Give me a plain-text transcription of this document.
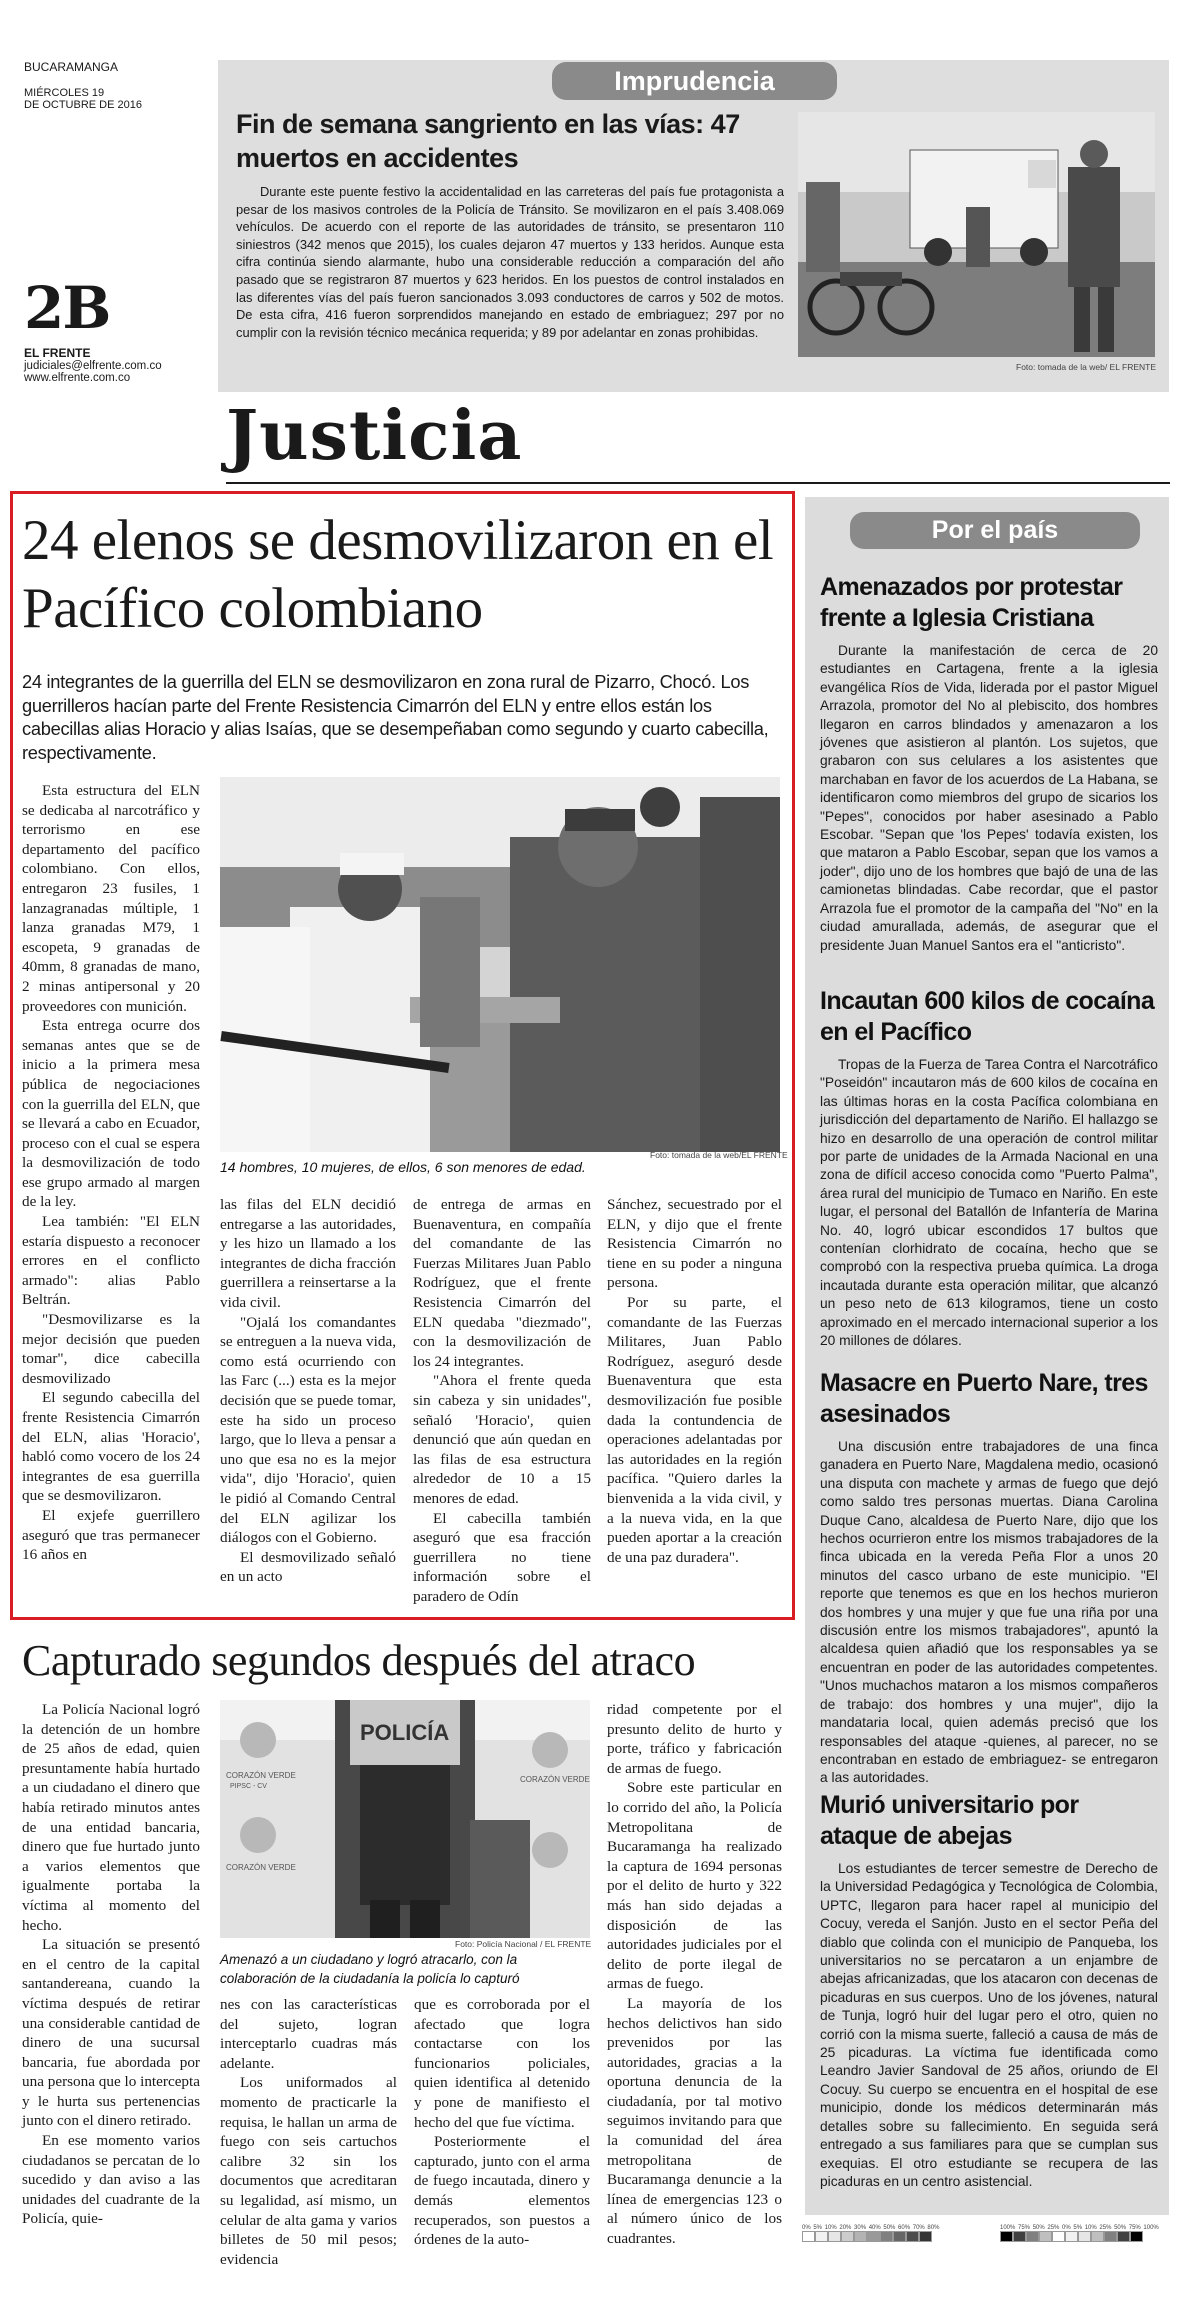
BUCARAMANGA
MIÉRCOLES 19
DE OCTUBRE DE 2016
2B
EL FRENTE
judiciales@elfrente.com.co
www.elfrente.com.co
Imprudencia
Fin de semana sangriento en las vías: 47 muertos en accidentes
Durante este puente festivo la accidentalidad en las carreteras del país fue protagonista a pesar de los masivos controles de la Policía de Tránsito. Se movilizaron en el país 3.408.069 vehículos. De acuerdo con el reporte de las autoridades de tránsito, se presentaron 110 siniestros (342 menos que 2015), los cuales dejaron 47 muertos y 133 heridos. Aunque esta cifra continúa siendo alarmante, hubo una considerable reducción a comparación del año pasado que se registraron 87 muertos y 623 heridos. En los puestos de control instalados en las diferentes vías del país fueron sancionados 3.093 conductores de carros y 502 de motos. De esta cifra, 416 fueron sorprendidos manejando en estado de embriaguez; 297 por no cumplir con la revisión técnico mecánica requerida; y 89 por adelantar en zonas prohibidas.
Foto: tomada de la web/ EL FRENTE
Justicia
24 elenos se desmovilizaron en el Pacífico colombiano
24 integrantes de la guerrilla del ELN se desmovilizaron en zona rural de Pizarro, Chocó. Los guerrilleros hacían parte del Frente Resistencia Cimarrón del ELN y entre ellos están los cabecillas alias Horacio y alias Isaías, que se desempeñaban como segundo y cuarto cabecilla, respectivamente.

Esta estructura del ELN se dedicaba al narcotráfico y terrorismo en ese departamento del pacífico colombiano. Con ellos, entregaron 23 fusiles, 1 lanzagranadas múltiple, 1 lanza granadas M79, 1 escopeta, 9 granadas de 40mm, 8 granadas de mano, 2 minas antipersonal y 20 proveedores con munición.

Esta entrega ocurre dos semanas antes que se de inicio a la primera mesa pública de negociaciones con la guerrilla del ELN, que se llevará a cabo en Ecuador, proceso con el cual se espera la desmovilización de todo ese grupo armado al margen de la ley.

Lea también: "El ELN estaría dispuesto a reconocer errores en el conflicto armado": alias Pablo Beltrán.

"Desmovilizarse es la mejor decisión que pueden tomar", dice cabecilla desmovilizado

El segundo cabecilla del frente Resistencia Cimarrón del ELN, alias 'Horacio', habló como vocero de los 24 integrantes de esa guerrilla que se desmovilizaron.

El exjefe guerrillero aseguró que tras permanecer 16 años en

Foto: tomada de la web/EL FRENTE
14 hombres, 10 mujeres, de ellos, 6 son menores de edad.

las filas del ELN decidió entregarse a las autoridades, y les hizo un llamado a los integrantes de dicha fracción guerrillera a reinsertarse a la vida civil.

"Ojalá los comandantes se entreguen a la nueva vida, como está ocurriendo con las Farc (...) esta es la mejor decisión que se puede tomar, este ha sido un proceso largo, que lo lleva a pensar a uno que esa no es la mejor vida", dijo 'Horacio', quien le pidió al Comando Central del ELN agilizar los diálogos con el Gobierno.

El desmovilizado señaló en un acto

de entrega de armas en Buenaventura, en compañía del comandante de las Fuerzas Militares Juan Pablo Rodríguez, que el frente Resistencia Cimarrón del ELN quedaba "diezmado", con la desmovilización de los 24 integrantes.

"Ahora el frente queda sin cabeza y sin unidades", señaló 'Horacio', quien denunció que aún quedan en las filas de esa estructura alrededor de 10 a 15 menores de edad.

El cabecilla también aseguró que esa fracción guerrillera no tiene información sobre el paradero de Odín

Sánchez, secuestrado por el ELN, y dijo que el frente Resistencia Cimarrón no tiene en su poder a ninguna persona.

Por su parte, el comandante de las Fuerzas Militares, Juan Pablo Rodríguez, aseguró desde Buenaventura que esta desmovilización fue posible dada la contundencia de operaciones adelantadas por las autoridades en la región pacífica. "Quiero darles la bienvenida a la vida civil, y a la nueva vida, en la que pueden aportar a la creación de una paz duradera".

Capturado segundos después del atraco

La Policía Nacional logró la detención de un hombre de 25 años de edad, quien presuntamente había hurtado a un ciudadano el dinero que había retirado minutos antes de una entidad bancaria, dinero que fue hurtado junto a varios elementos que igualmente portaba la víctima al momento del hecho.

La situación se presentó en el centro de la capital santandereana, cuando la víctima después de retirar una considerable cantidad de dinero de una sucursal bancaria, fue abordada por una persona que lo intercepta y le hurta sus pertenencias junto con el dinero retirado.

En ese momento varios ciudadanos se percatan de lo sucedido y dan aviso a las unidades del cuadrante de la Policía, quie-

CORAZÓN VERDE
PIPSC - CV
CORAZÓN VERDE
CORAZÓN VERDE
POLICÍA
Foto: Policía Nacional / EL FRENTE
Amenazó a un ciudadano y logró atracarlo, con la colaboración de la ciudadanía la policía lo capturó

nes con las características del sujeto, logran interceptarlo cuadras más adelante.

Los uniformados al momento de practicarle la requisa, le hallan un arma de fuego con seis cartuchos calibre 32 sin los documentos que acreditaran su legalidad, así mismo, un celular de alta gama y varios billetes de 50 mil pesos; evidencia

que es corroborada por el afectado que logra contactarse con los funcionarios policiales, quien identifica al detenido y pone de manifiesto el hecho del que fue víctima.

Posteriormente el capturado, junto con el arma de fuego incautada, dinero y demás elementos recuperados, son puestos a órdenes de la auto-

ridad competente por el presunto delito de hurto y porte, tráfico y fabricación de armas de fuego.

Sobre este particular en lo corrido del año, la Policía Metropolitana de Bucaramanga ha realizado la captura de 1694 personas por el delito de hurto y 322 más han sido dejadas a disposición de las autoridades judiciales por el delito de porte ilegal de armas de fuego.

La mayoría de los hechos delictivos han sido prevenidos por las autoridades, gracias a la oportuna denuncia de la ciudadanía, por tal motivo seguimos invitando para que la comunidad del área metropolitana de Bucaramanga denuncie a la línea de emergencias 123 o al número único de los cuadrantes.

Por el país
Amenazados por protestar frente a Iglesia Cristiana

Durante la manifestación de cerca de 20 estudiantes en Cartagena, frente a la iglesia evangélica Ríos de Vida, liderada por el pastor Miguel Arrazola, promotor del No al plebiscito, dos hombres llegaron en carros blindados y amenazaron a los jóvenes que asistieron al plantón. Los sujetos, que grabaron con sus celulares a los asistentes que marchaban en favor de los acuerdos de La Habana, se identificaron como miembros del grupo de sicarios los "Pepes", conocidos por haber asesinado a Pablo Escobar. "Sepan que 'los Pepes' todavía existen, los que mataron a Pablo Escobar, sepan que los vamos a joder", dijo uno de los hombres que bajó de una de las camionetas blindadas. Cabe recordar, que el pastor Arrazola fue el promotor de la campaña del "No" en la ciudad amurallada, además, de asegurar que el presidente Juan Manuel Santos era el "anticristo".

Incautan 600 kilos de cocaína en el Pacífico

Tropas de la Fuerza de Tarea Contra el Narcotráfico "Poseidón" incautaron más de 600 kilos de cocaína en las últimas horas en la costa Pacífica colombiana en jurisdicción del departamento de Nariño. El hallazgo se hizo en desarrollo de una operación de control militar por parte de unidades de la Armada Nacional en una zona de difícil acceso conocida como "Puerto Palma", área rural del municipio de Tumaco en Nariño. En este lugar, el personal del Batallón de Infantería de Marina No. 40, logró ubicar escondidos 17 bultos que contenían clorhidrato de cocaína, hecho que se comprobó con la respectiva prueba química. La droga incautada durante esta operación militar, que alcanzó un peso neto de 613 kilogramos, tiene un costo aproximado en el mercado internacional superior a los 20 millones de dólares.

Masacre en Puerto Nare, tres asesinados

Una discusión entre trabajadores de una finca ganadera en Puerto Nare, Magdalena medio, ocasionó una disputa con machete y armas de fuego que dejó como saldo tres personas muertas. Diana Carolina Duque Cano, alcaldesa de Puerto Nare, dijo que los hechos ocurrieron entre los mismos trabajadores de la finca ubicada en la vereda Peña Flor a unos 20 minutos del casco urbano de este municipio. "El reporte que tenemos es que en los hechos murieron dos hombres y una mujer y que fue una riña por una discusión entre los mismos trabajadores", apuntó la alcaldesa quien añadió que los responsables ya se encuentran en poder de las autoridades competentes. "Unos muchachos mataron a los mismos compañeros de trabajo: dos hombres y una mujer", dijo la mandataria local, quien además precisó que los responsables del ataque -quienes, al parecer, no se encontraban en estado de embriaguez- se entregaron a las autoridades.

Murió universitario por ataque de abejas

Los estudiantes de tercer semestre de Derecho de la Universidad Pedagógica y Tecnológica de Colombia, UPTC, llegaron para hacer rapel al municipio del Cocuy, vereda el Sanjón. Justo en el sector Peña del diablo que colinda con el municipio de Panqueba, los universitarios no se percataron a un enjambre de abejas africanizadas, que los atacaron con decenas de picaduras en sus cuerpos. Uno de los jóvenes, natural de Tunja, logró huir del lugar pero el otro, quien no corrió con la misma suerte, falleció a causa de más de 25 picaduras. La víctima fue identificada como Leandro Javier Sandoval de 25 años, oriundo de El Cocuy. Su cuerpo se encuentra en el hospital de ese municipio, donde los médicos determinarán más detalles sobre su fallecimiento. En seguida será entregado a sus familiares para que se cumplan sus exequias. El otro estudiante se recupera de las picaduras en un centro asistencial.

0% 5% 10% 20% 30% 40% 50% 60% 70% 80%	100% 75% 50% 25% 0% 5% 10% 25% 50% 75% 100%
